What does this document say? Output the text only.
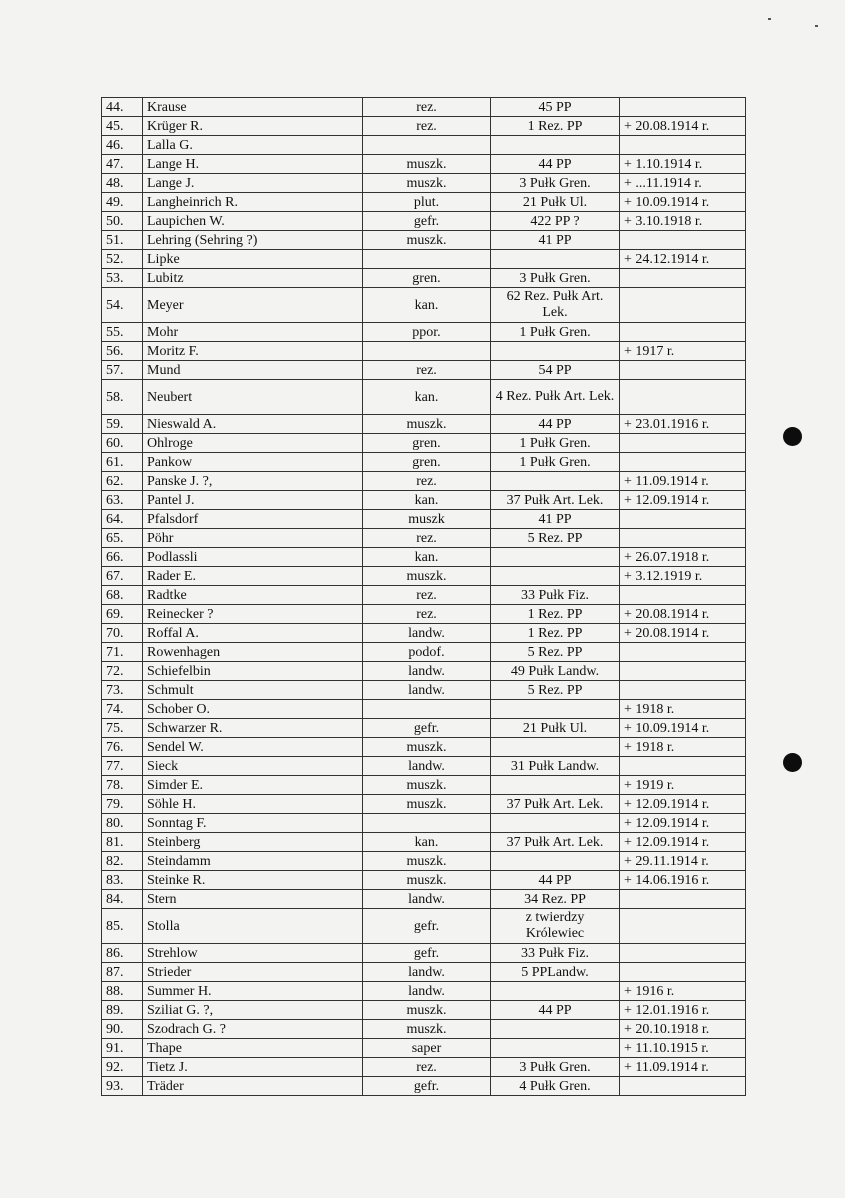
44.	Krause	rez.	45 PP	
45.	Krüger R.	rez.	1 Rez. PP	+ 20.08.1914 r.
46.	Lalla G.			
47.	Lange H.	muszk.	44 PP	+ 1.10.1914 r.
48.	Lange J.	muszk.	3 Pułk Gren.	+ ...11.1914 r.
49.	Langheinrich R.	plut.	21 Pułk Ul.	+ 10.09.1914 r.
50.	Laupichen W.	gefr.	422 PP ?	+ 3.10.1918 r.
51.	Lehring (Sehring ?)	muszk.	41 PP	
52.	Lipke			+ 24.12.1914 r.
53.	Lubitz	gren.	3 Pułk Gren.	
54.	Meyer	kan.	62 Rez. Pułk Art. Lek.	
55.	Mohr	ppor.	1 Pułk Gren.	
56.	Moritz F.			+ 1917 r.
57.	Mund	rez.	54 PP	
58.	Neubert	kan.	4 Rez. Pułk Art. Lek.	
59.	Nieswald A.	muszk.	44 PP	+ 23.01.1916 r.
60.	Ohlroge	gren.	1 Pułk Gren.	
61.	Pankow	gren.	1 Pułk Gren.	
62.	Panske J. ?,	rez.		+ 11.09.1914 r.
63.	Pantel J.	kan.	37 Pułk Art. Lek.	+ 12.09.1914 r.
64.	Pfalsdorf	muszk	41 PP	
65.	Pöhr	rez.	5 Rez. PP	
66.	Podlassli	kan.		+ 26.07.1918 r.
67.	Rader E.	muszk.		+ 3.12.1919 r.
68.	Radtke	rez.	33 Pułk Fiz.	
69.	Reinecker ?	rez.	1 Rez. PP	+ 20.08.1914 r.
70.	Roffal A.	landw.	1 Rez. PP	+ 20.08.1914 r.
71.	Rowenhagen	podof.	5 Rez. PP	
72.	Schiefelbin	landw.	49 Pułk Landw.	
73.	Schmult	landw.	5 Rez. PP	
74.	Schober O.			+ 1918 r.
75.	Schwarzer R.	gefr.	21 Pułk Ul.	+ 10.09.1914 r.
76.	Sendel W.	muszk.		+ 1918 r.
77.	Sieck	landw.	31 Pułk Landw.	
78.	Simder E.	muszk.		+ 1919 r.
79.	Söhle H.	muszk.	37 Pułk Art. Lek.	+ 12.09.1914 r.
80.	Sonntag F.			+ 12.09.1914 r.
81.	Steinberg	kan.	37 Pułk Art. Lek.	+ 12.09.1914 r.
82.	Steindamm	muszk.		+ 29.11.1914 r.
83.	Steinke R.	muszk.	44 PP	+ 14.06.1916 r.
84.	Stern	landw.	34 Rez. PP	
85.	Stolla	gefr.	z twierdzy Królewiec	
86.	Strehlow	gefr.	33 Pułk Fiz.	
87.	Strieder	landw.	5 PPLandw.	
88.	Summer H.	landw.		+ 1916 r.
89.	Sziliat G. ?,	muszk.	44 PP	+ 12.01.1916 r.
90.	Szodrach G. ?	muszk.		+ 20.10.1918 r.
91.	Thape	saper		+ 11.10.1915 r.
92.	Tietz J.	rez.	3 Pułk Gren.	+ 11.09.1914 r.
93.	Träder	gefr.	4 Pułk Gren.	
